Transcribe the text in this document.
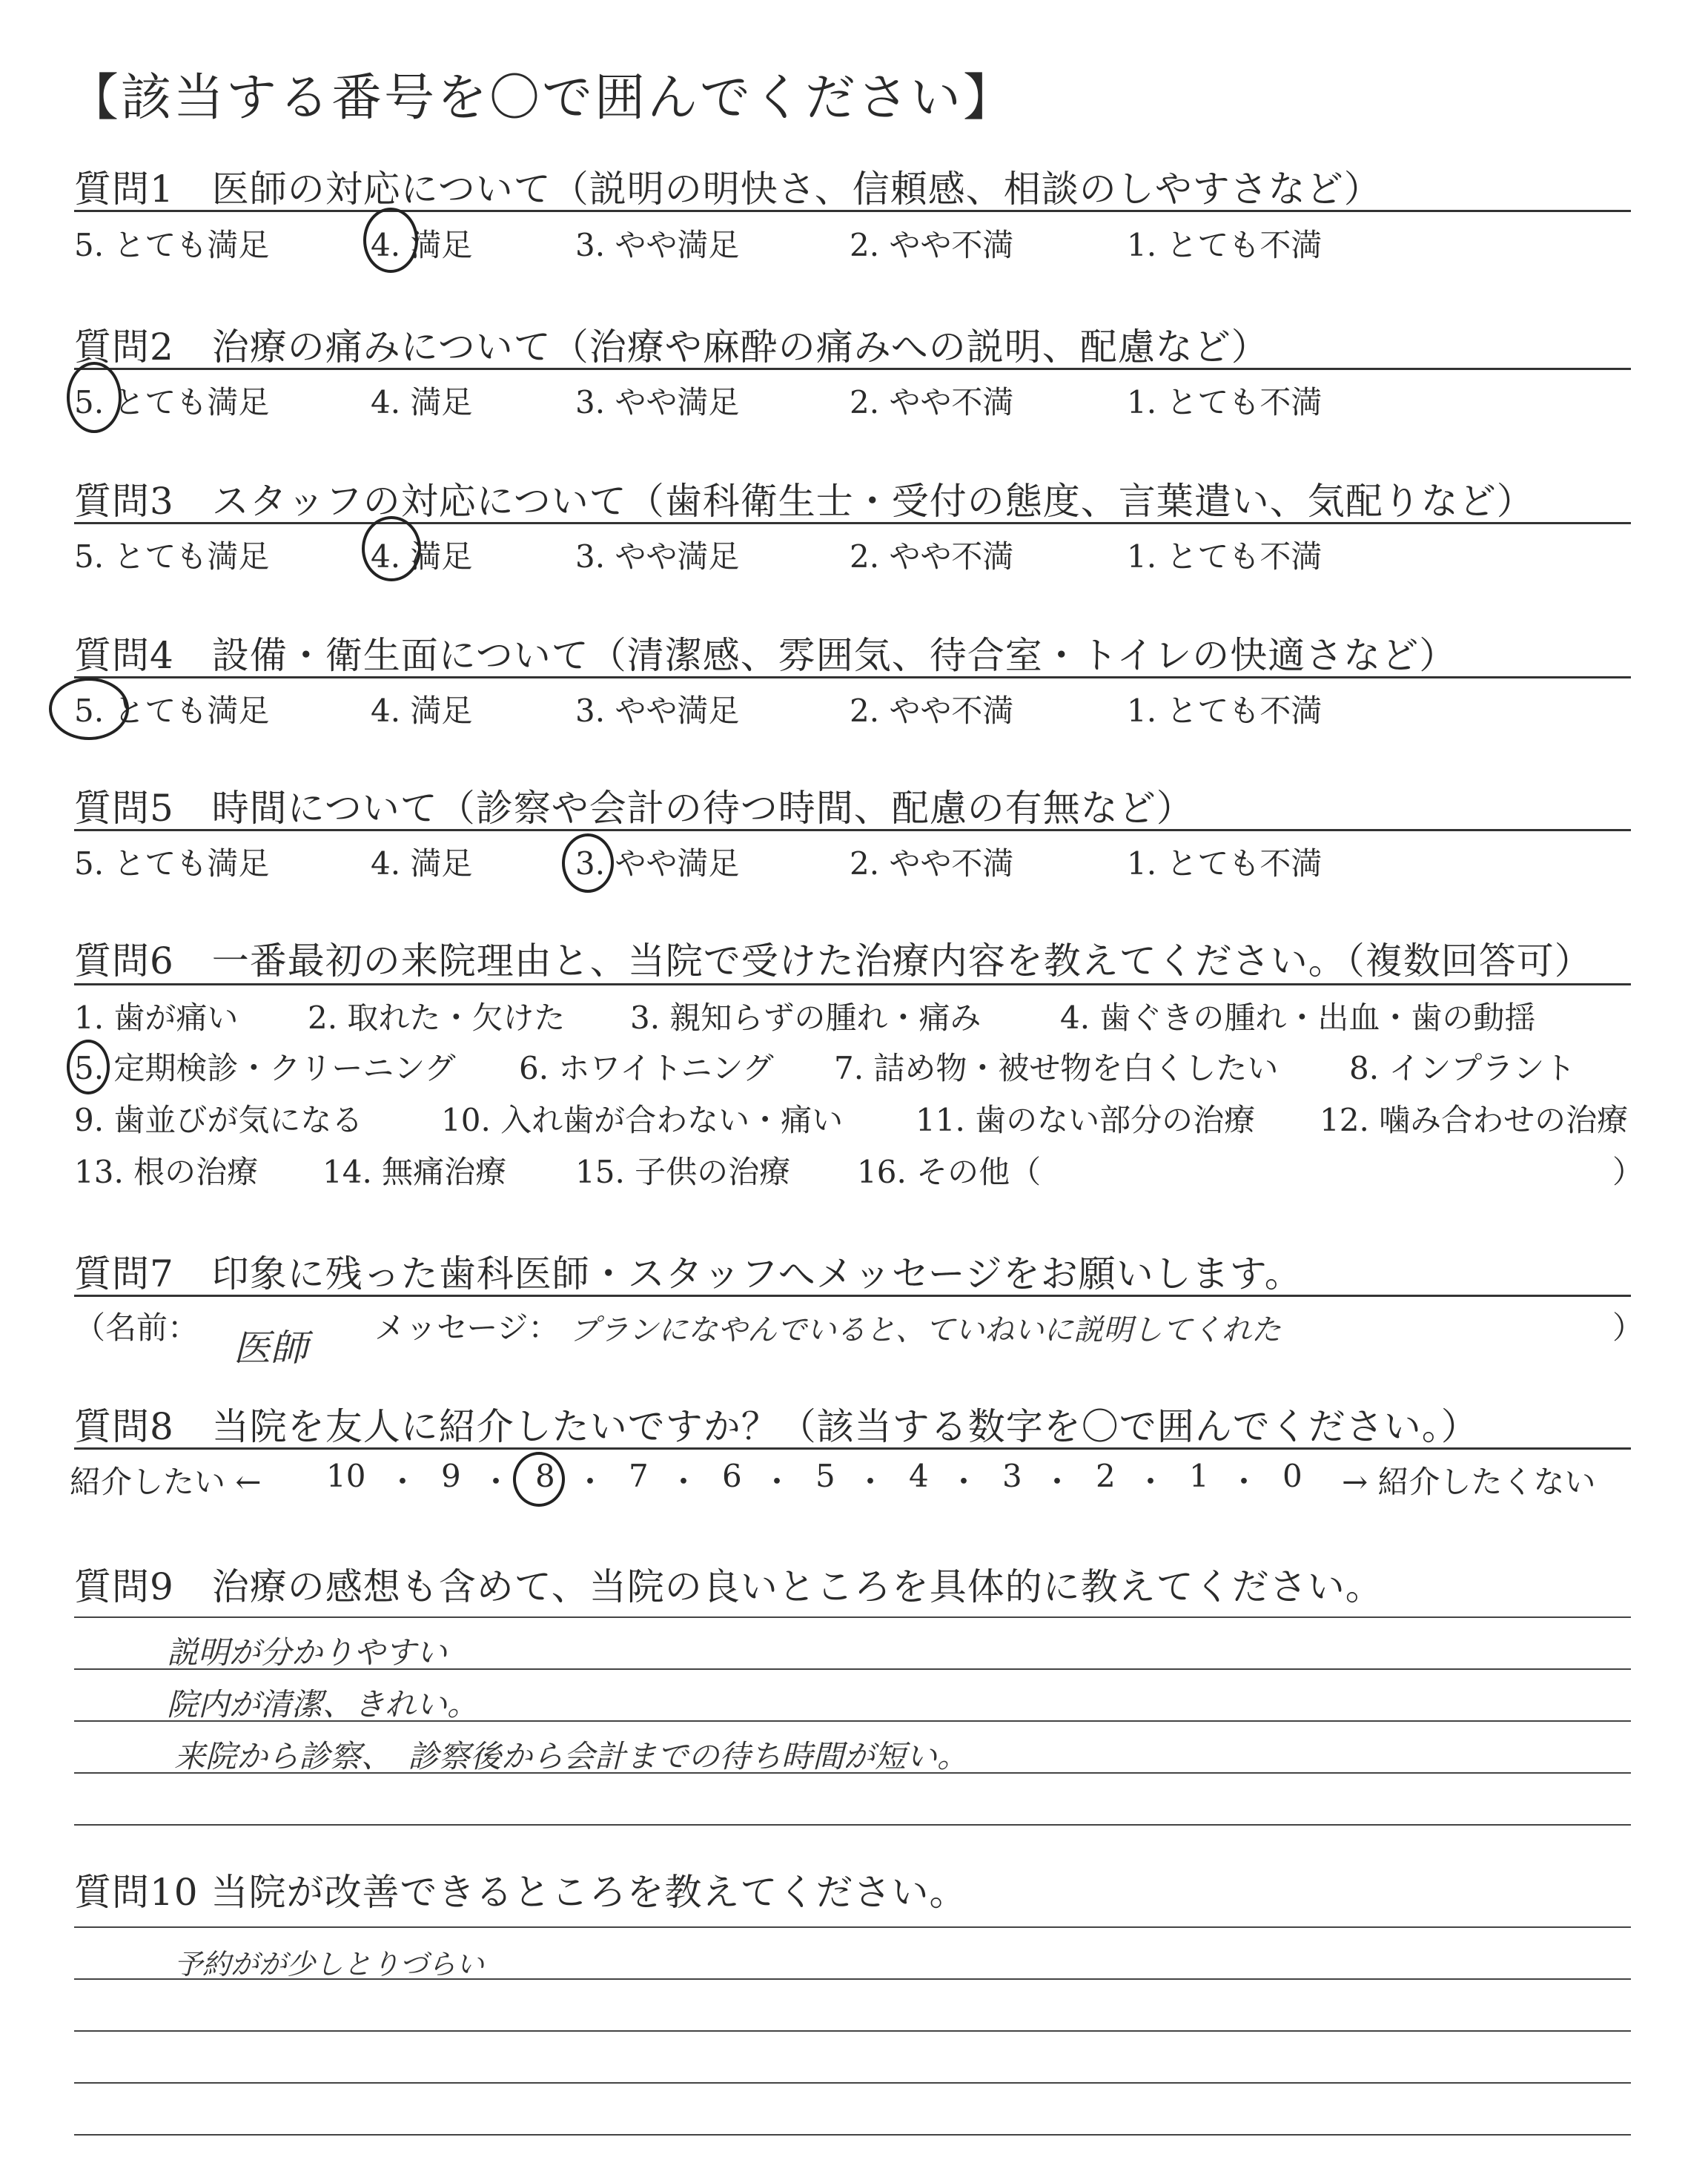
【該当する番号を〇で囲んでください】
質問1　医師の対応について（説明の明快さ、信頼感、相談のしやすさなど）
5. とても満足	4. 満足	3. やや満足	2. やや不満	1. とても不満
質問2　治療の痛みについて（治療や麻酔の痛みへの説明、配慮など）
5. とても満足	4. 満足	3. やや満足	2. やや不満	1. とても不満
質問3　スタッフの対応について（歯科衛生士・受付の態度、言葉遣い、気配りなど）
5. とても満足	4. 満足	3. やや満足	2. やや不満	1. とても不満
質問4　設備・衛生面について（清潔感、雰囲気、待合室・トイレの快適さなど）
5. とても満足	4. 満足	3. やや満足	2. やや不満	1. とても不満
質問5　時間について（診察や会計の待つ時間、配慮の有無など）
5. とても満足	4. 満足	3. やや満足	2. やや不満	1. とても不満
質問6　一番最初の来院理由と、当院で受けた治療内容を教えてください。（複数回答可）
1. 歯が痛い 2. 取れた・欠けた 3. 親知らずの腫れ・痛み	4. 歯ぐきの腫れ・出血・歯の動揺
5. 定期検診・クリーニング 6. ホワイトニング 7. 詰め物・被せ物を白くしたい 8. インプラント
9. 歯並びが気になる	10. 入れ歯が合わない・痛い 11. 歯のない部分の治療 12. 噛み合わせの治療
13. 根の治療 14. 無痛治療 15. 子供の治療 16. その他（	）
質問7　印象に残った歯科医師・スタッフへメッセージをお願いします。
（名前： 医師 メッセージ： プランになやんでいると、ていねいに説明してくれた	）
質問8　当院を友人に紹介したいですか？（該当する数字を〇で囲んでください。）
紹介したい ← 10 ・ 9 ・ 8 ・ 7 ・ 6 ・ 5 ・ 4 ・ 3 ・ 2 ・ 1 ・ 0 → 紹介したくない
質問9　治療の感想も含めて、当院の良いところを具体的に教えてください。
説明が分かりやすい
院内が清潔、きれい。
来院から診察、　診察後から会計までの待ち時間が短い。
質問10 当院が改善できるところを教えてください。
予約がが少しとりづらい
